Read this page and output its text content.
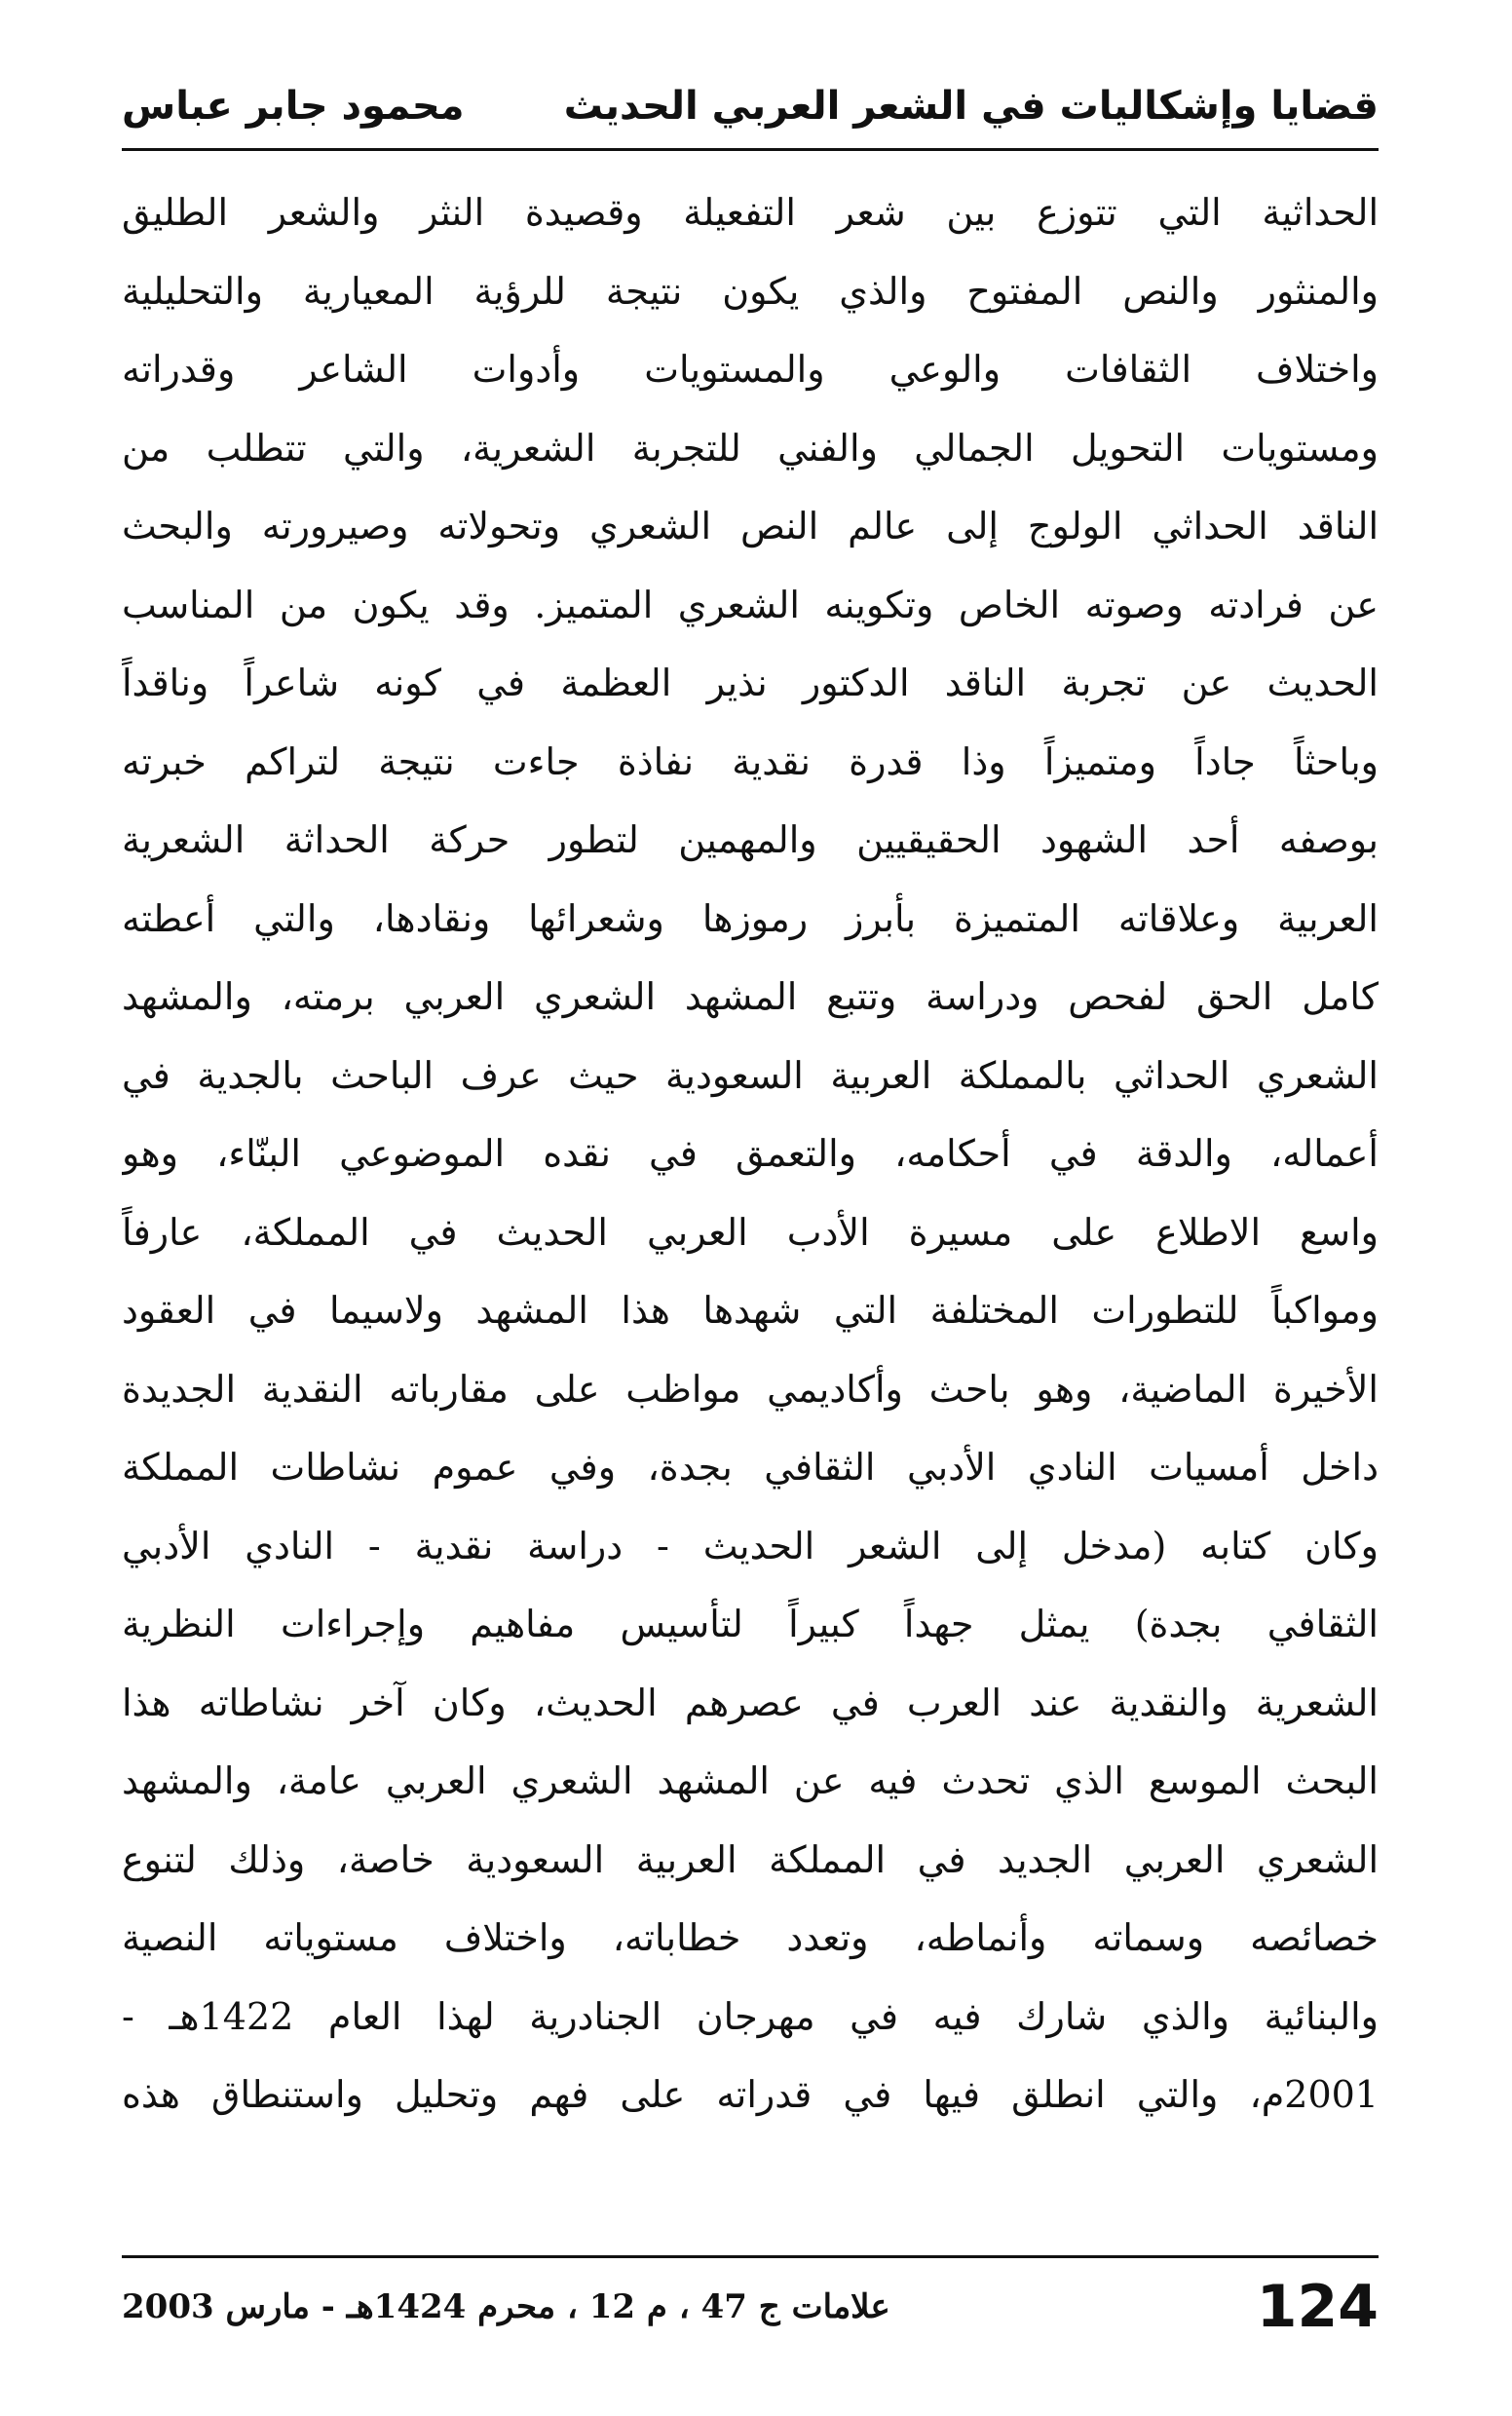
قضايا وإشكاليات في الشعر العربي الحديث
محمود جابر عباس
الحداثية التي تتوزع بين شعر التفعيلة وقصيدة النثر والشعر الطليق
والمنثور والنص المفتوح والذي يكون نتيجة للرؤية المعيارية والتحليلية
واختلاف الثقافات والوعي والمستويات وأدوات الشاعر وقدراته
ومستويات التحويل الجمالي والفني للتجربة الشعرية، والتي تتطلب من
الناقد الحداثي الولوج إلى عالم النص الشعري وتحولاته وصيرورته والبحث
عن فرادته وصوته الخاص وتكوينه الشعري المتميز. وقد يكون من المناسب
الحديث عن تجربة الناقد الدكتور نذير العظمة في كونه شاعراً وناقداً
وباحثاً جاداً ومتميزاً وذا قدرة نقدية نفاذة جاءت نتيجة لتراكم خبرته
بوصفه أحد الشهود الحقيقيين والمهمين لتطور حركة الحداثة الشعرية
العربية وعلاقاته المتميزة بأبرز رموزها وشعرائها ونقادها، والتي أعطته
كامل الحق لفحص ودراسة وتتبع المشهد الشعري العربي برمته، والمشهد
الشعري الحداثي بالمملكة العربية السعودية حيث عرف الباحث بالجدية في
أعماله، والدقة في أحكامه، والتعمق في نقده الموضوعي البنّاء، وهو
واسع الاطلاع على مسيرة الأدب العربي الحديث في المملكة، عارفاً
ومواكباً للتطورات المختلفة التي شهدها هذا المشهد ولاسيما في العقود
الأخيرة الماضية، وهو باحث وأكاديمي مواظب على مقارباته النقدية الجديدة
داخل أمسيات النادي الأدبي الثقافي بجدة، وفي عموم نشاطات المملكة
وكان كتابه (مدخل إلى الشعر الحديث - دراسة نقدية - النادي الأدبي
الثقافي بجدة) يمثل جهداً كبيراً لتأسيس مفاهيم وإجراءات النظرية
الشعرية والنقدية عند العرب في عصرهم الحديث، وكان آخر نشاطاته هذا
البحث الموسع الذي تحدث فيه عن المشهد الشعري العربي عامة، والمشهد
الشعري العربي الجديد في المملكة العربية السعودية خاصة، وذلك لتنوع
خصائصه وسماته وأنماطه، وتعدد خطاباته، واختلاف مستوياته النصية
والبنائية والذي شارك فيه في مهرجان الجنادرية لهذا العام 1422هـ -
2001م، والتي انطلق فيها في قدراته على فهم وتحليل واستنطاق هذه
124
علامات ج 47 ، م 12 ، محرم 1424هـ - مارس 2003
